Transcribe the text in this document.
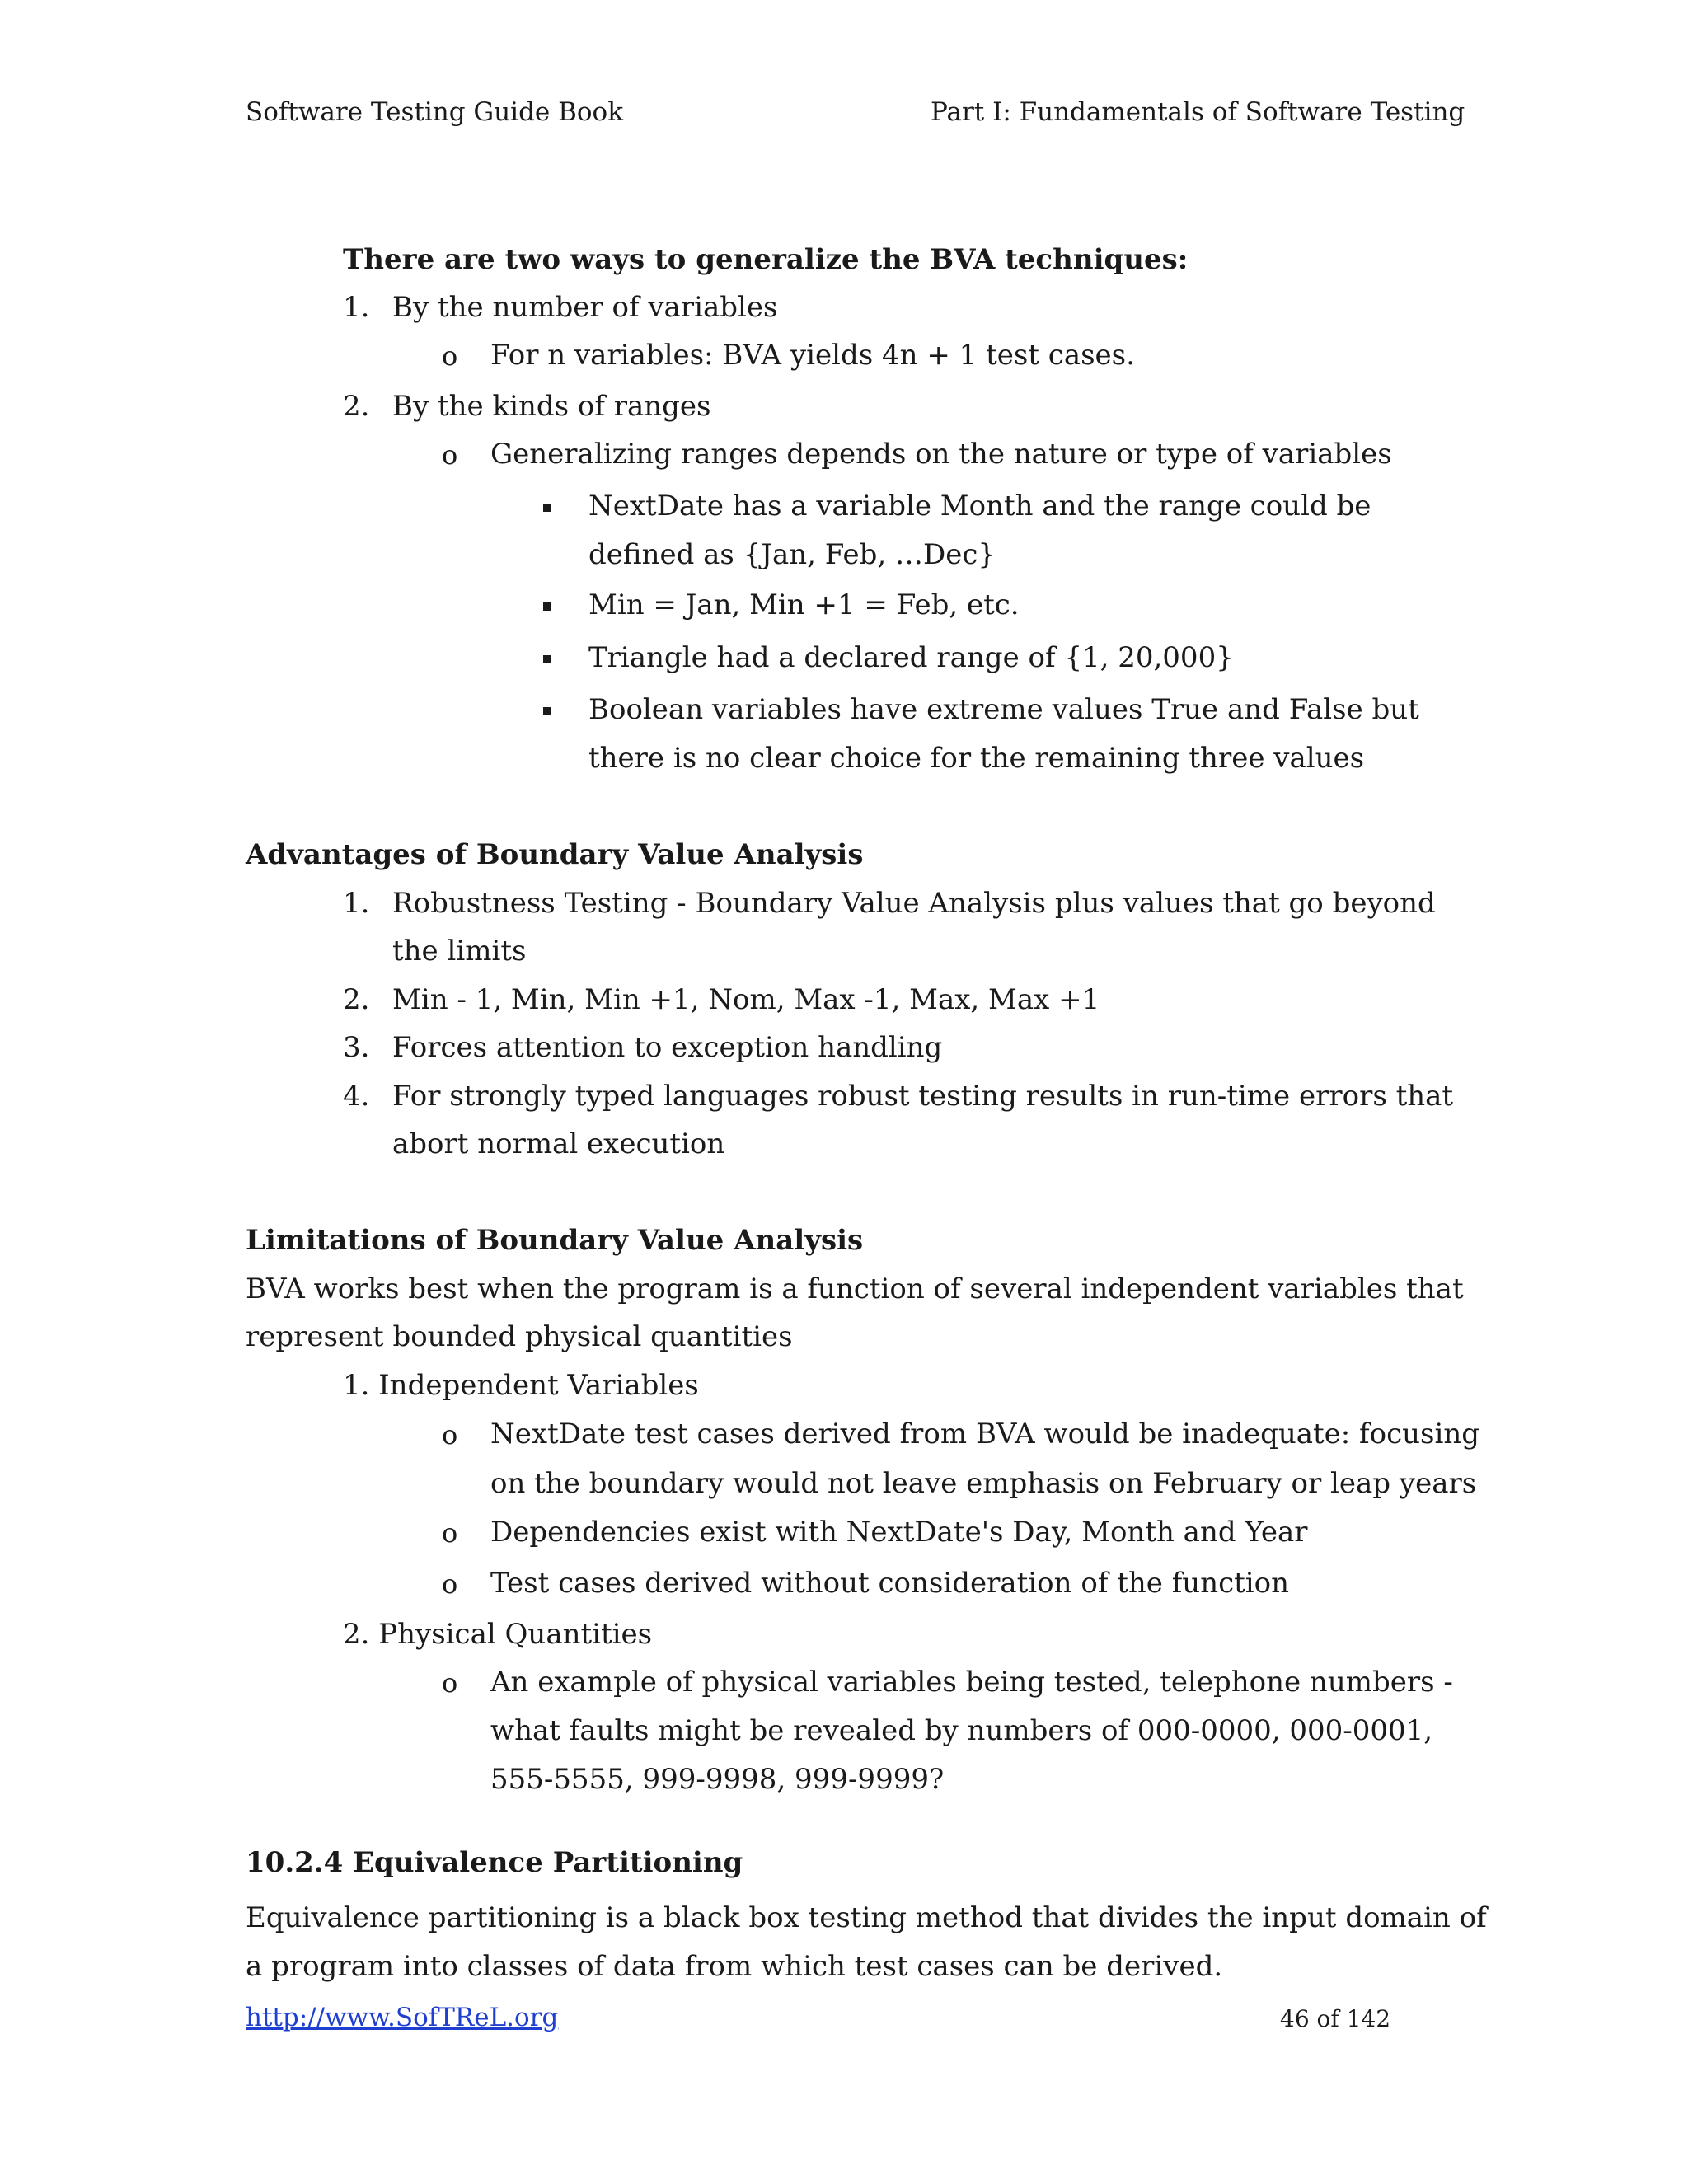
Software Testing Guide Book	Part I: Fundamentals of Software Testing
There are two ways to generalize the BVA techniques:
1. By the number of variables
o For n variables: BVA yields 4n + 1 test cases.
2. By the kinds of ranges
o Generalizing ranges depends on the nature or type of variables
NextDate has a variable Month and the range could be
defined as {Jan, Feb, …Dec}
Min = Jan, Min +1 = Feb, etc.
Triangle had a declared range of {1, 20,000}
Boolean variables have extreme values True and False but
there is no clear choice for the remaining three values
Advantages of Boundary Value Analysis
1. Robustness Testing - Boundary Value Analysis plus values that go beyond
the limits
2. Min - 1, Min, Min +1, Nom, Max -1, Max, Max +1
3. Forces attention to exception handling
4. For strongly typed languages robust testing results in run-time errors that
abort normal execution
Limitations of Boundary Value Analysis
BVA works best when the program is a function of several independent variables that
represent bounded physical quantities
1. Independent Variables
o NextDate test cases derived from BVA would be inadequate: focusing
on the boundary would not leave emphasis on February or leap years
o Dependencies exist with NextDate's Day, Month and Year
o Test cases derived without consideration of the function
2. Physical Quantities
o An example of physical variables being tested, telephone numbers -
what faults might be revealed by numbers of 000-0000, 000-0001,
555-5555, 999-9998, 999-9999?
10.2.4 Equivalence Partitioning
Equivalence partitioning is a black box testing method that divides the input domain of
a program into classes of data from which test cases can be derived.
http://www.SofTReL.org	46 of 142
